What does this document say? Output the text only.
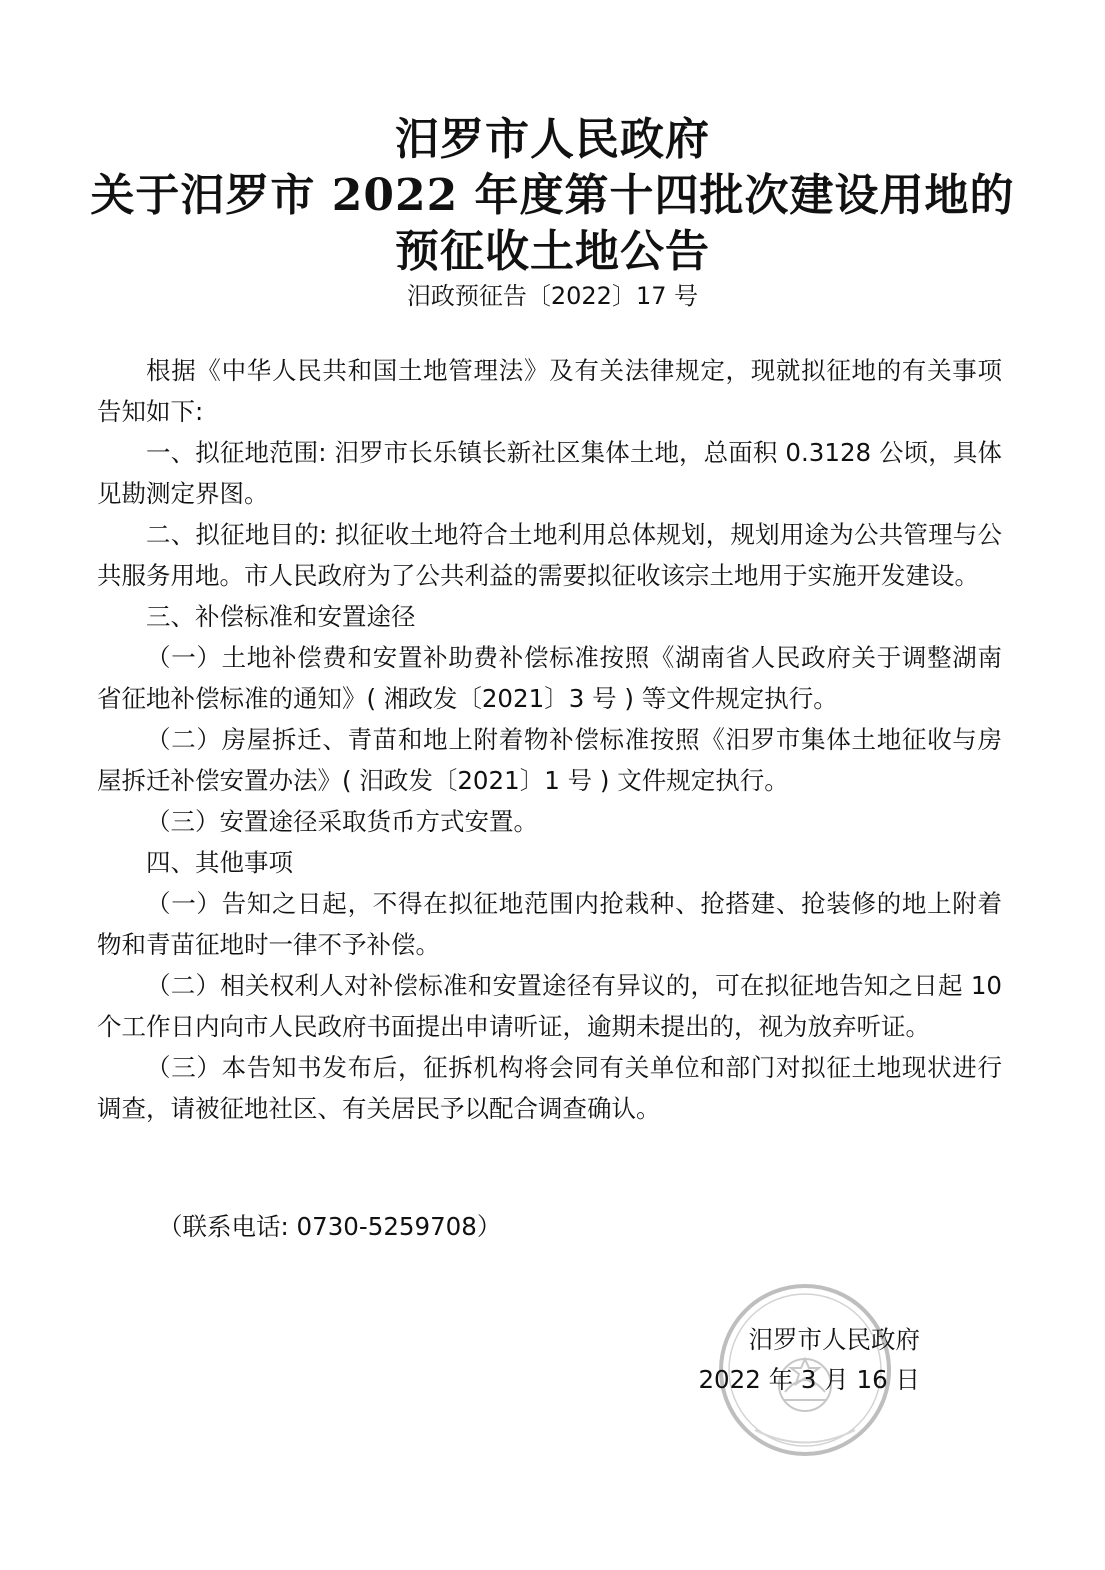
汨罗市人民政府
关于汨罗市 2022 年度第十四批次建设用地的
预征收土地公告
汨政预征告〔2022〕17 号

根据《中华人民共和国土地管理法》及有关法律规定，现就拟征地的有关事项告知如下:

一、拟征地范围: 汨罗市长乐镇长新社区集体土地，总面积 0.3128 公顷，具体见勘测定界图。

二、拟征地目的: 拟征收土地符合土地利用总体规划，规划用途为公共管理与公共服务用地。市人民政府为了公共利益的需要拟征收该宗土地用于实施开发建设。

三、补偿标准和安置途径

（一）土地补偿费和安置补助费补偿标准按照《湖南省人民政府关于调整湖南省征地补偿标准的通知》( 湘政发〔2021〕3 号 ) 等文件规定执行。

（二）房屋拆迁、青苗和地上附着物补偿标准按照《汨罗市集体土地征收与房屋拆迁补偿安置办法》( 汨政发〔2021〕1 号 ) 文件规定执行。

（三）安置途径采取货币方式安置。

四、其他事项

（一）告知之日起，不得在拟征地范围内抢栽种、抢搭建、抢装修的地上附着物和青苗征地时一律不予补偿。

（二）相关权利人对补偿标准和安置途径有异议的，可在拟征地告知之日起 10 个工作日内向市人民政府书面提出申请听证，逾期未提出的，视为放弃听证。

（三）本告知书发布后，征拆机构将会同有关单位和部门对拟征土地现状进行调查，请被征地社区、有关居民予以配合调查确认。

（联系电话: 0730-5259708）
汨罗市人民政府
2022 年 3 月 16 日
